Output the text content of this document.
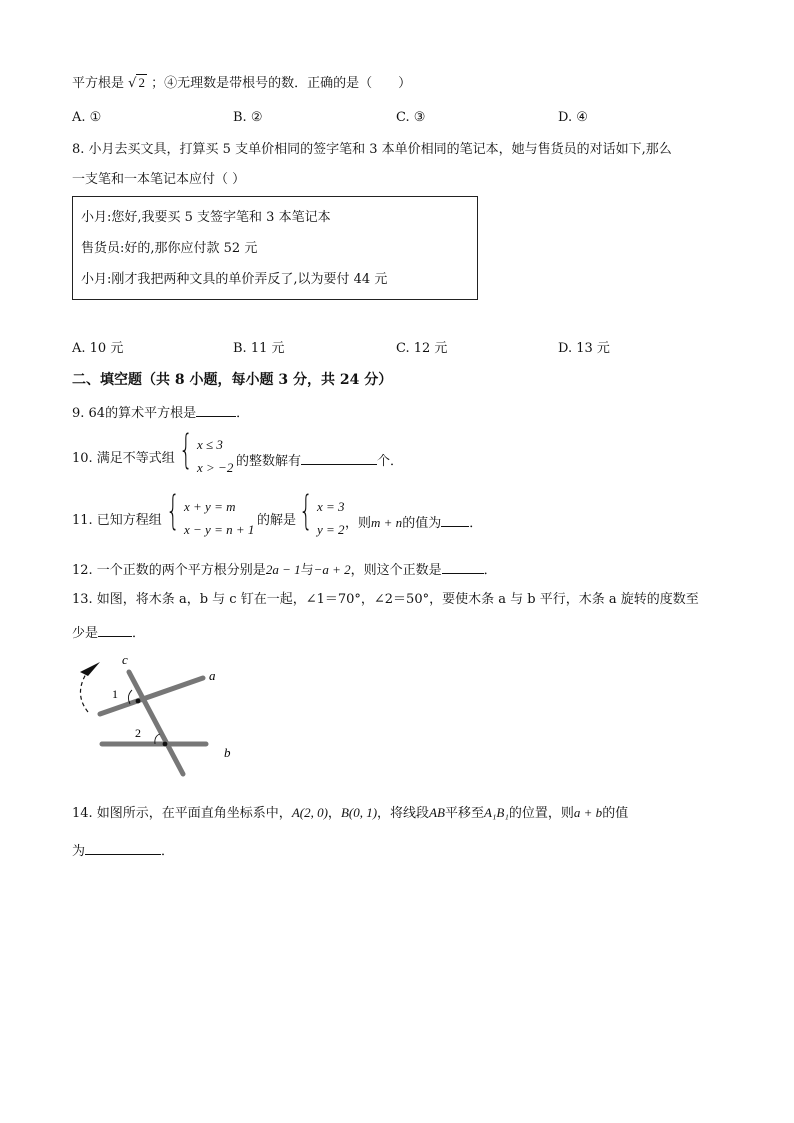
平方根是 √ 2 ；④无理数是带根号的数．正确的是（　　）
A. ①	B. ②	C. ③	D. ④
8. 小月去买文具，打算买 5 支单价相同的签字笔和 3 本单价相同的笔记本，她与售货员的对话如下,那么
一支笔和一本笔记本应付（ ）
小月:您好,我要买 5 支签字笔和 3 本笔记本
售货员:好的,那你应付款 52 元
小月:刚才我把两种文具的单价弄反了,以为要付 44 元
A. 10 元	B. 11 元	C. 12 元	D. 13 元
二、填空题（共 8 小题，每小题 3 分，共 24 分）
9. 64的算术平方根是	．
10. 满足不等式组 { x ≤ 3
x > −2 的整数解有	个．
11. 已知方程组 { x + y = m
x − y = n + 1
的解是 { x = 3
y = 2 ，则m + n的值为 ．
12. 一个正数的两个平方根分别是2a − 1与−a + 2，则这个正数是	．
13. 如图，将木条 a，b 与 c 钉在一起，∠1＝70°，∠2＝50°，要使木条 a 与 b 平行，木条 a 旋转的度数至
少是	．
c
a
b
1
2
14. 如图所示，在平面直角坐标系中，A(2, 0)，B(0, 1)，将线段AB平移至A₁B₁的位置，则a + b的值
为	．
